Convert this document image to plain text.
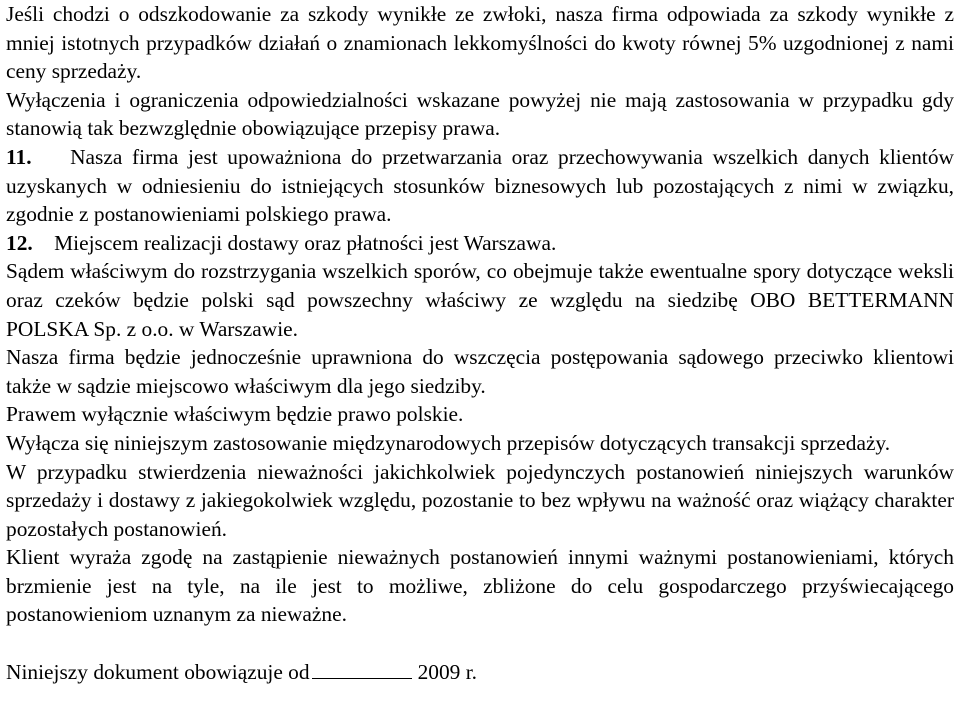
Jeśli chodzi o odszkodowanie za szkody wynikłe ze zwłoki, nasza firma odpowiada za szkody wynikłe z mniej istotnych przypadków działań o znamionach lekkomyślności do kwoty równej 5% uzgodnionej z nami ceny sprzedaży.

Wyłączenia i ograniczenia odpowiedzialności wskazane powyżej nie mają zastosowania w przypadku gdy stanowią tak bezwzględnie obowiązujące przepisy prawa.

11. Nasza firma jest upoważniona do przetwarzania oraz przechowywania wszelkich danych klientów uzyskanych w odniesieniu do istniejących stosunków biznesowych lub pozostających z nimi w związku, zgodnie z postanowieniami polskiego prawa.

12. Miejscem realizacji dostawy oraz płatności jest Warszawa.

Sądem właściwym do rozstrzygania wszelkich sporów, co obejmuje także ewentualne spory dotyczące weksli oraz czeków będzie polski sąd powszechny właściwy ze względu na siedzibę OBO BETTERMANN POLSKA Sp. z o.o. w Warszawie.

Nasza firma będzie jednocześnie uprawniona do wszczęcia postępowania sądowego przeciwko klientowi także w sądzie miejscowo właściwym dla jego siedziby.

Prawem wyłącznie właściwym będzie prawo polskie.

Wyłącza się niniejszym zastosowanie międzynarodowych przepisów dotyczących transakcji sprzedaży.

W przypadku stwierdzenia nieważności jakichkolwiek pojedynczych postanowień niniejszych warunków sprzedaży i dostawy z jakiegokolwiek względu, pozostanie to bez wpływu na ważność oraz wiążący charakter pozostałych postanowień.

Klient wyraża zgodę na zastąpienie nieważnych postanowień innymi ważnymi postanowieniami, których brzmienie jest na tyle, na ile jest to możliwe, zbliżone do celu gospodarczego przyświecającego postanowieniom uznanym za nieważne.

Niniejszy dokument obowiązuje od	2009 r.
